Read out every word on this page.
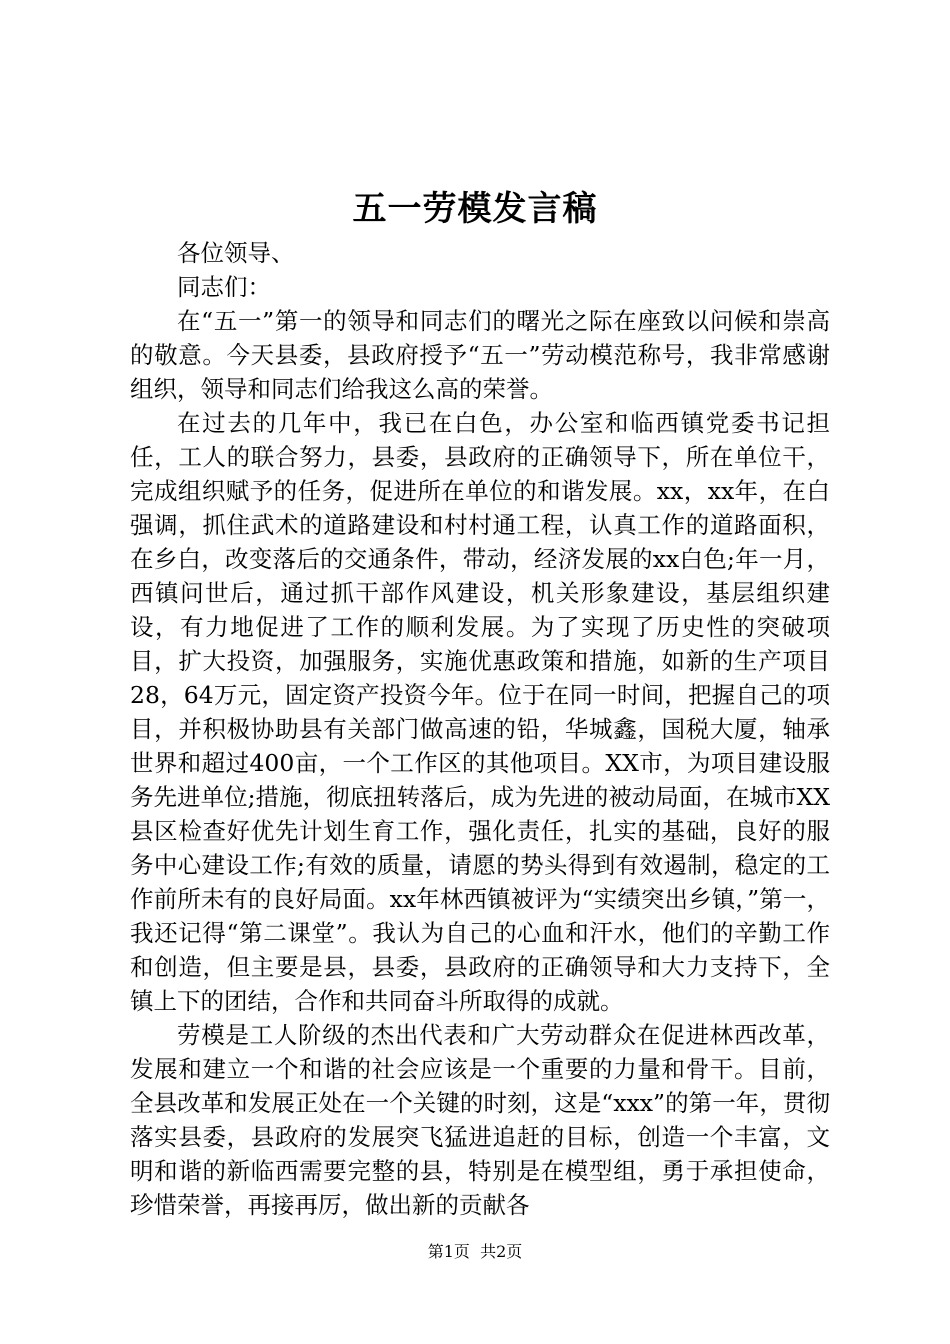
五一劳模发言稿

各位领导、

同志们：

在“五一”第一的领导和同志们的曙光之际在座致以问候和崇高的敬意。今天县委，县政府授予“五一”劳动模范称号，我非常感谢组织，领导和同志们给我这么高的荣誉。

在过去的几年中，我已在白色，办公室和临西镇党委书记担任，工人的联合努力，县委，县政府的正确领导下，所在单位干，完成组织赋予的任务，促进所在单位的和谐发展。xx，xx年，在白强调，抓住武术的道路建设和村村通工程，认真工作的道路面积，在乡白，改变落后的交通条件，带动，经济发展的xx白色;年一月，西镇问世后，通过抓干部作风建设，机关形象建设，基层组织建设，有力地促进了工作的顺利发展。为了实现了历史性的突破项目，扩大投资，加强服务，实施优惠政策和措施，如新的生产项目28，64万元，固定资产投资今年。位于在同一时间，把握自己的项目，并积极协助县有关部门做高速的铅，华城鑫，国税大厦，轴承世界和超过400亩，一个工作区的其他项目。XX市，为项目建设服务先进单位;措施，彻底扭转落后，成为先进的被动局面，在城市XX县区检查好优先计划生育工作，强化责任，扎实的基础，良好的服务中心建设工作;有效的质量，请愿的势头得到有效遏制，稳定的工作前所未有的良好局面。xx年林西镇被评为“实绩突出乡镇，”第一，我还记得“第二课堂”。我认为自己的心血和汗水，他们的辛勤工作和创造，但主要是县，县委，县政府的正确领导和大力支持下，全镇上下的团结，合作和共同奋斗所取得的成就。

劳模是工人阶级的杰出代表和广大劳动群众在促进林西改革，发展和建立一个和谐的社会应该是一个重要的力量和骨干。目前，全县改革和发展正处在一个关键的时刻，这是“xxx”的第一年，贯彻落实县委，县政府的发展突飞猛进追赶的目标，创造一个丰富，文明和谐的新临西需要完整的县，特别是在模型组，勇于承担使命，珍惜荣誉，再接再厉，做出新的贡献各

第1页 共2页
